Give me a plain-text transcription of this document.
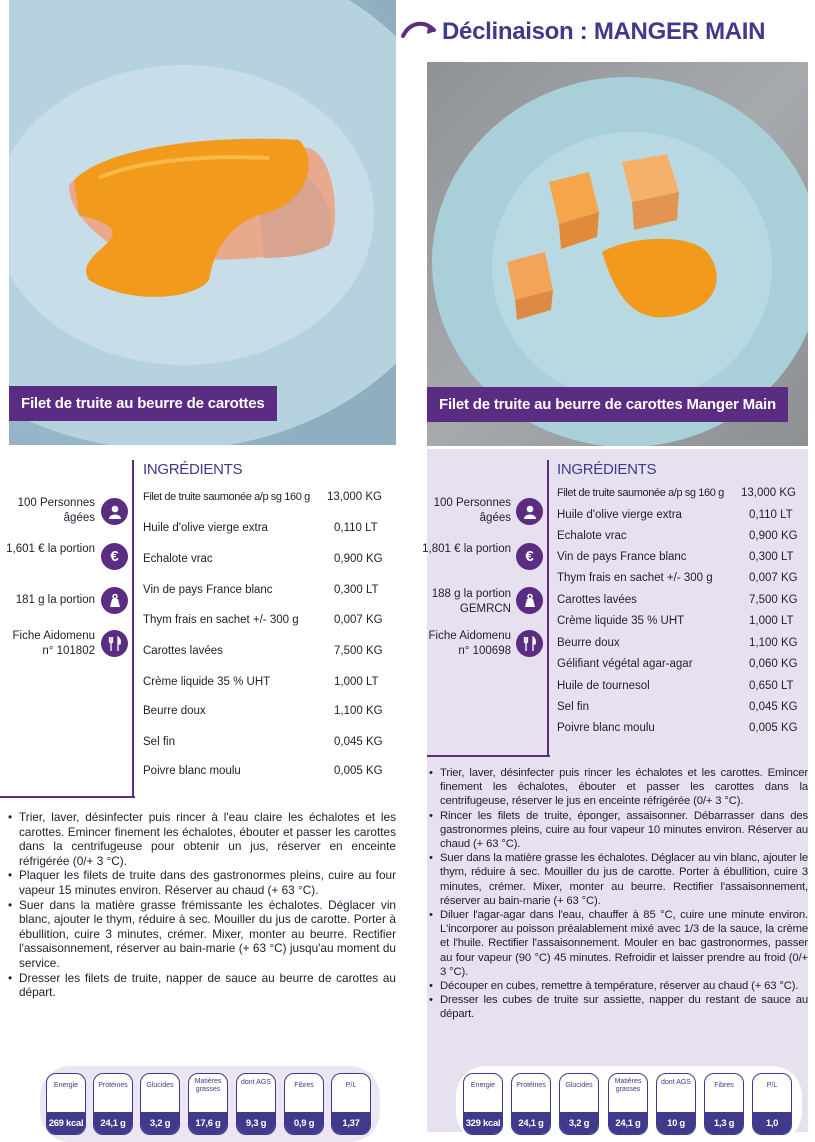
Déclinaison : MANGER MAIN
Filet de truite au beurre de carottes	Filet de truite au beurre de carottes Manger Main
100 Personnes âgées
1,601 € la portion	€
181 g la portion
Fiche Aidomenu n° 101802
INGRÉDIENTS
Filet de truite saumonée a/p sg 160 g 13,000 KG
Huile d'olive vierge extra	0,110 LT
Echalote vrac	0,900 KG
Vin de pays France blanc	0,300 LT
Thym frais en sachet +/- 300 g	0,007 KG
Carottes lavées	7,500 KG
Crème liquide 35 % UHT	1,000 LT
Beurre doux	1,100 KG
Sel fin	0,045 KG
Poivre blanc moulu	0,005 KG
• Trier, laver, désinfecter puis rincer à l'eau claire les échalotes et les carottes. Emincer finement les échalotes, ébouter et passer les carottes dans la centrifugeuse pour obtenir un jus, réserver en enceinte réfrigérée (0/+ 3 °C).
• Plaquer les filets de truite dans des gastronormes pleins, cuire au four vapeur 15 minutes environ. Réserver au chaud (+ 63 °C).
• Suer dans la matière grasse frémissante les échalotes. Déglacer vin blanc, ajouter le thym, réduire à sec. Mouiller du jus de carotte. Porter à ébullition, cuire 3 minutes, crémer. Mixer, monter au beurre. Rectifier l'assaisonnement, réserver au bain-marie (+ 63 °C) jusqu'au moment du service.
• Dresser les filets de truite, napper de sauce au beurre de carottes au départ.
Energie
269 kcal
Protéines
24,1 g
Glucides
3,2 g
Matières grasses
17,6 g
dont AGS
9,3 g
Fibres
0,9 g
P/L
1,37
100 Personnes âgées
1,801 € la portion €
188 g la portion GEMRCN
Fiche Aidomenu n° 100698
INGRÉDIENTS
Filet de truite saumonée a/p sg 160 g 13,000 KG
Huile d'olive vierge extra	0,110 LT
Echalote vrac	0,900 KG
Vin de pays France blanc	0,300 LT
Thym frais en sachet +/- 300 g	0,007 KG
Carottes lavées	7,500 KG
Crème liquide 35 % UHT	1,000 LT
Beurre doux	1,100 KG
Gélifiant végétal agar-agar	0,060 KG
Huile de tournesol	0,650 LT
Sel fin	0,045 KG
Poivre blanc moulu	0,005 KG
• Trier, laver, désinfecter puis rincer les échalotes et les carottes. Emincer finement les échalotes, ébouter et passer les carottes dans la centrifugeuse, réserver le jus en enceinte réfrigérée (0/+ 3 °C).
• Rincer les filets de truite, éponger, assaisonner. Débarrasser dans des gastronormes pleins, cuire au four vapeur 10 minutes environ. Réserver au chaud (+ 63 °C).
• Suer dans la matière grasse les échalotes. Déglacer au vin blanc, ajouter le thym, réduire à sec. Mouiller du jus de carotte. Porter à ébullition, cuire 3 minutes, crémer. Mixer, monter au beurre. Rectifier l'assaisonnement, réserver au bain-marie (+ 63 °C).
• Diluer l'agar-agar dans l'eau, chauffer à 85 °C, cuire une minute environ. L'incorporer au poisson préalablement mixé avec 1/3 de la sauce, la crème et l'huile. Rectifier l'assaisonnement. Mouler en bac gastronormes, passer au four vapeur (90 °C) 45 minutes. Refroidir et laisser prendre au froid (0/+ 3 °C).
• Découper en cubes, remettre à température, réserver au chaud (+ 63 °C).
• Dresser les cubes de truite sur assiette, napper du restant de sauce au départ.
Energie
329 kcal
Protéines
24,1 g
Glucides
3,2 g
Matières grasses
24,1 g
dont AGS
10 g
Fibres
1,3 g
P/L
1,0
